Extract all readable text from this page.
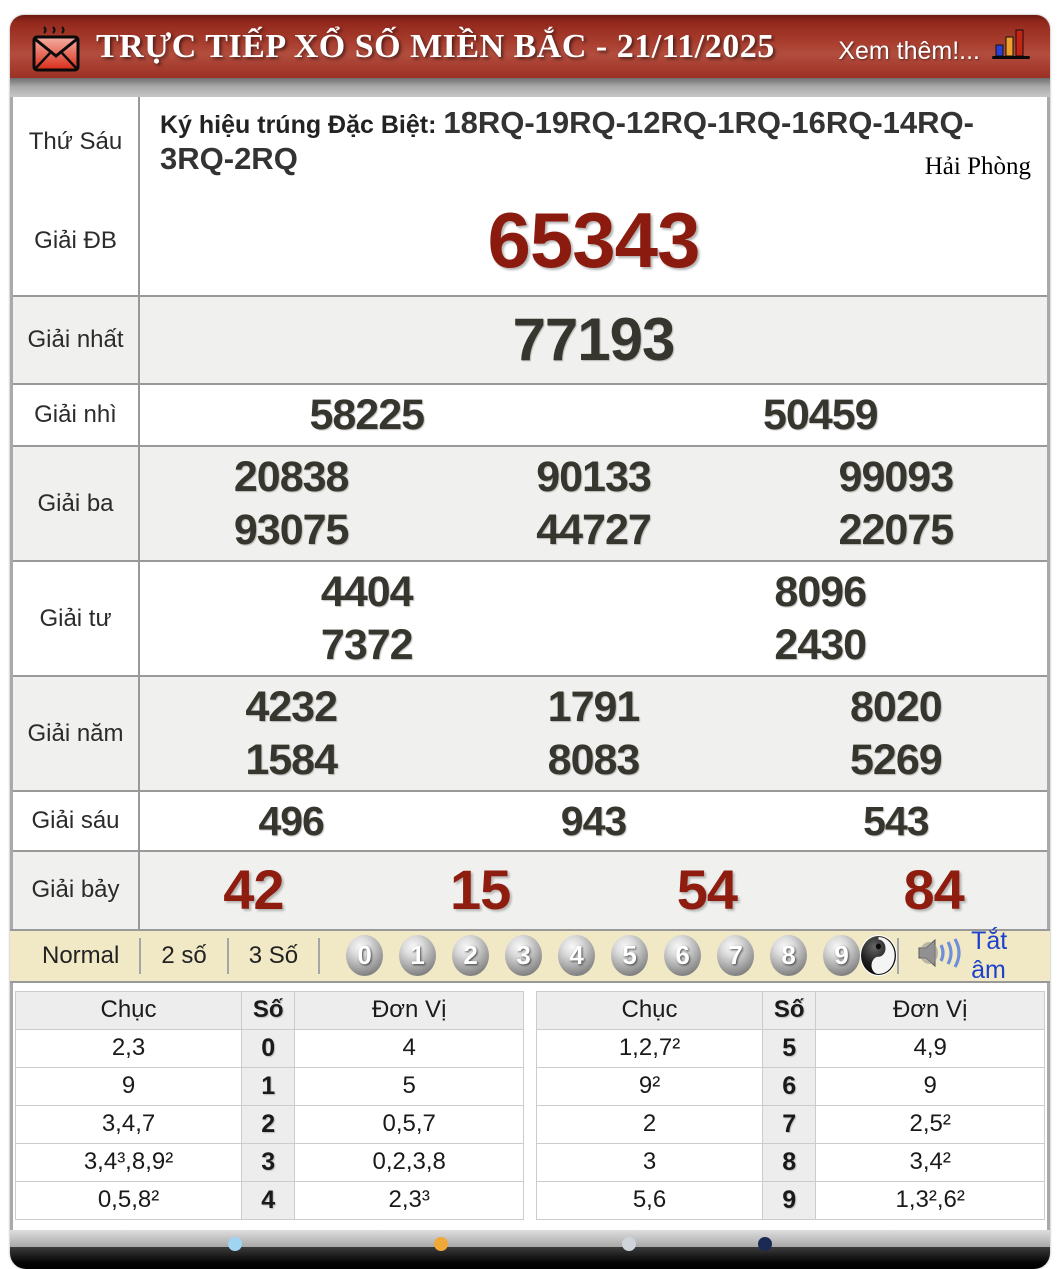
TRỰC TIẾP XỔ SỐ MIỀN BẮC - 21/11/2025	Xem thêm!...
Thứ Sáu
Ký hiệu trúng Đặc Biệt: 18RQ-19RQ-12RQ-1RQ-16RQ-14RQ-3RQ-2RQ	Hải Phòng
Giải ĐB	65343
Giải nhất	77193
Giải nhì	58225	50459
Giải ba
20838	90133	99093
93075	44727	22075
Giải tư
4404	8096
7372	2430
Giải năm
4232	1791	8020
1584	8083	5269
Giải sáu	496	943	543
Giải bảy	42	15	54	84
Normal	2 số	3 Số	0	1	2	3	4	5	6	7	8	9	Tắt âm
Chục	Số	Đơn Vị
2,3	0	4
9	1	5
3,4,7	2	0,5,7
3,4³,8,9²	3	0,2,3,8
0,5,8²	4	2,3³
Chục	Số	Đơn Vị
1,2,7²	5	4,9
9²	6	9
2	7	2,5²
3	8	3,4²
5,6	9	1,3²,6²
